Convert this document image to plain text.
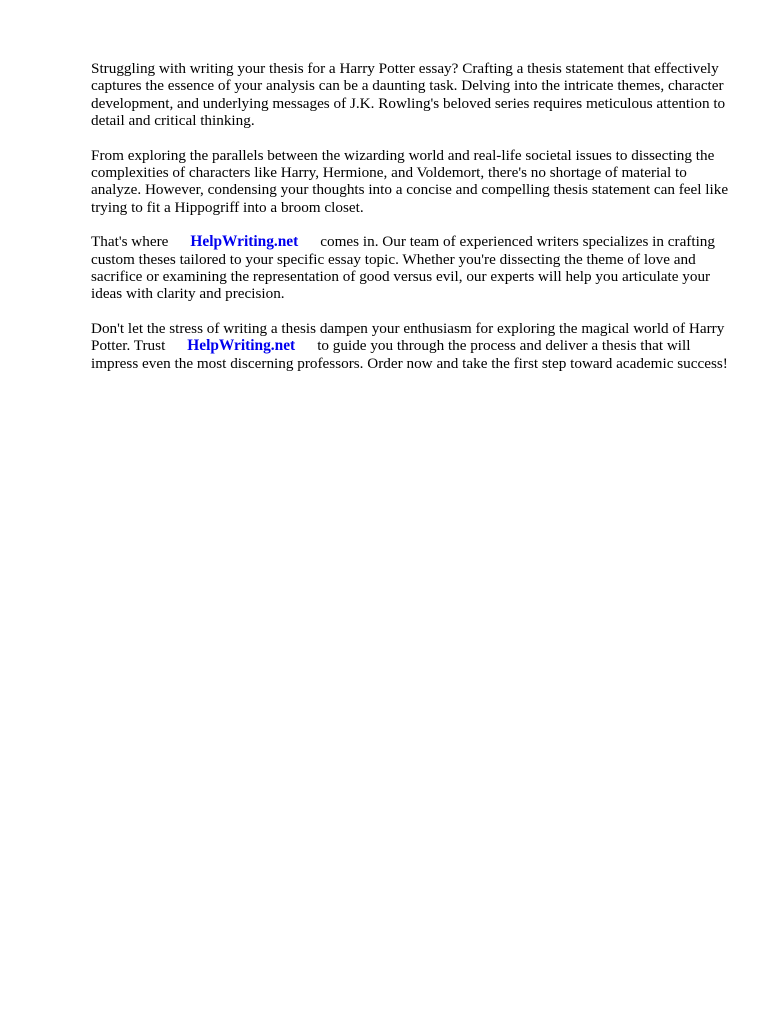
Struggling with writing your thesis for a Harry Potter essay? Crafting a thesis statement that effectively captures the essence of your analysis can be a daunting task. Delving into the intricate themes, character development, and underlying messages of J.K. Rowling's beloved series requires meticulous attention to detail and critical thinking.

From exploring the parallels between the wizarding world and real-life societal issues to dissecting the complexities of characters like Harry, Hermione, and Voldemort, there's no shortage of material to analyze. However, condensing your thoughts into a concise and compelling thesis statement can feel like trying to fit a Hippogriff into a broom closet.

That's where HelpWriting.net comes in. Our team of experienced writers specializes in crafting custom theses tailored to your specific essay topic. Whether you're dissecting the theme of love and sacrifice or examining the representation of good versus evil, our experts will help you articulate your ideas with clarity and precision.

Don't let the stress of writing a thesis dampen your enthusiasm for exploring the magical world of Harry Potter. Trust HelpWriting.net to guide you through the process and deliver a thesis that will impress even the most discerning professors. Order now and take the first step toward academic success!
